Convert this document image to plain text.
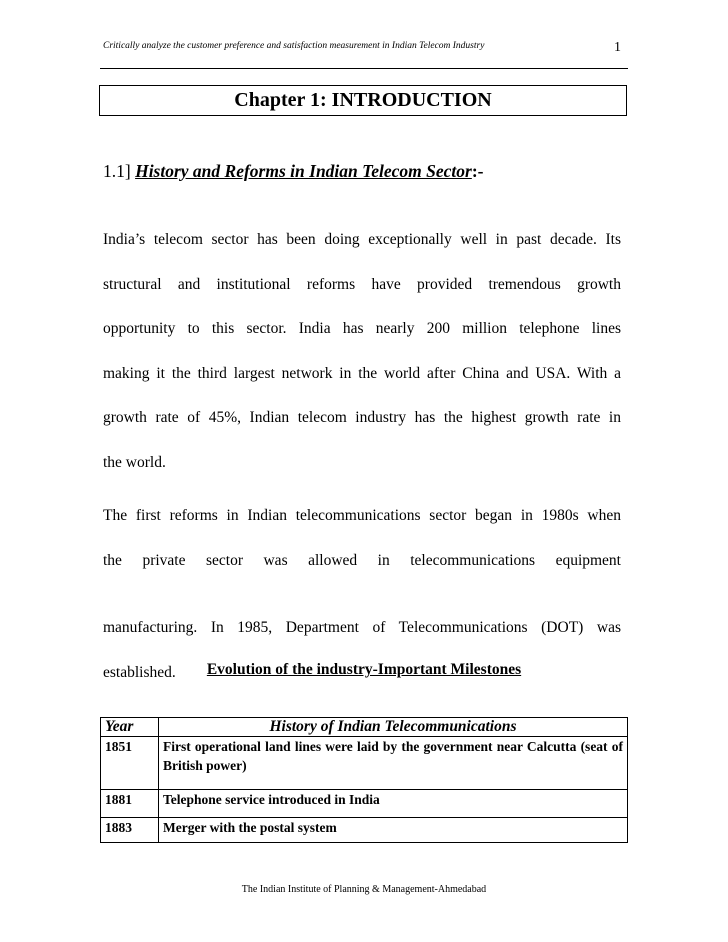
Critically analyze the customer preference and satisfaction measurement in Indian Telecom Industry	1
Chapter 1: INTRODUCTION
1.1] History and Reforms in Indian Telecom Sector:-

India’s telecom sector has been doing exceptionally well in past decade. Its
structural and institutional reforms have provided tremendous growth
opportunity to this sector. India has nearly 200 million telephone lines
making it the third largest network in the world after China and USA. With a
growth rate of 45%, Indian telecom industry has the highest growth rate in
the world.

The first reforms in Indian telecommunications sector began in 1980s when
the private sector was allowed in telecommunications equipment

manufacturing. In 1985, Department of Telecommunications (DOT) was
established.	Evolution of the industry-Important Milestones
Year	History of Indian Telecommunications
1851	First operational land lines were laid by the government near Calcutta (seat of British power)
1881	Telephone service introduced in India
1883	Merger with the postal system
The Indian Institute of Planning & Management-Ahmedabad
